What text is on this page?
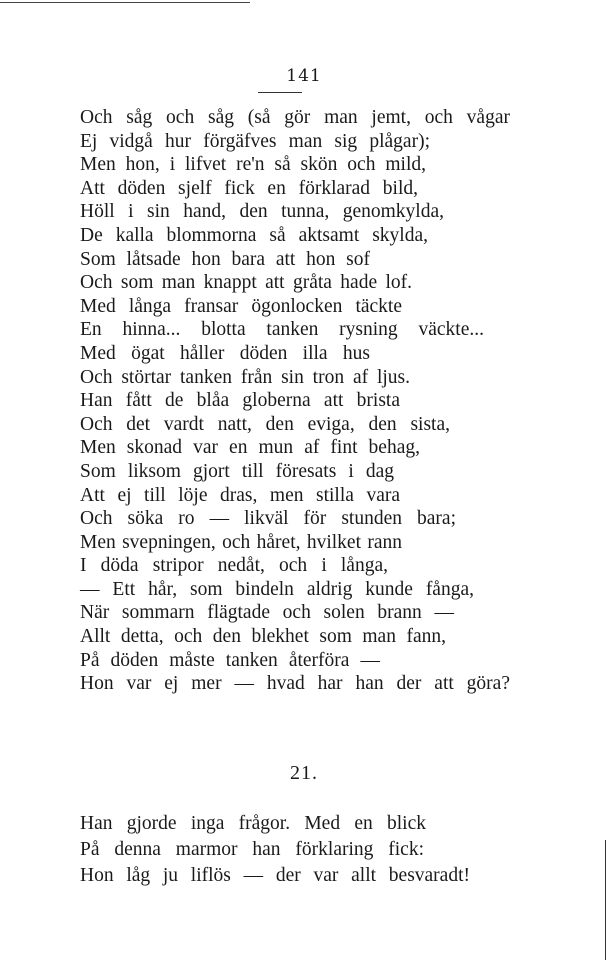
141
Och såg och såg (så gör man jemt, och vågar
Ej vidgå hur förgäfves man sig plågar);
Men hon, i lifvet re'n så skön och mild,
Att döden sjelf fick en förklarad bild,
Höll i sin hand, den tunna, genomkylda,
De kalla blommorna så aktsamt skylda,
Som låtsade hon bara att hon sof
Och som man knappt att gråta hade lof.
Med långa fransar ögonlocken täckte
En hinna... blotta tanken rysning väckte...
Med ögat håller döden illa hus
Och störtar tanken från sin tron af ljus.
Han fått de blåa globerna att brista
Och det vardt natt, den eviga, den sista,
Men skonad var en mun af fint behag,
Som liksom gjort till föresats i dag
Att ej till löje dras, men stilla vara
Och söka ro — likväl för stunden bara;
Men svepningen, och håret, hvilket rann
I döda stripor nedåt, och i långa,
— Ett hår, som bindeln aldrig kunde fånga,
När sommarn flägtade och solen brann —
Allt detta, och den blekhet som man fann,
På döden måste tanken återföra —
Hon var ej mer — hvad har han der att göra?
21.
Han gjorde inga frågor. Med en blick
På denna marmor han förklaring fick:
Hon låg ju liflös — der var allt besvaradt!
